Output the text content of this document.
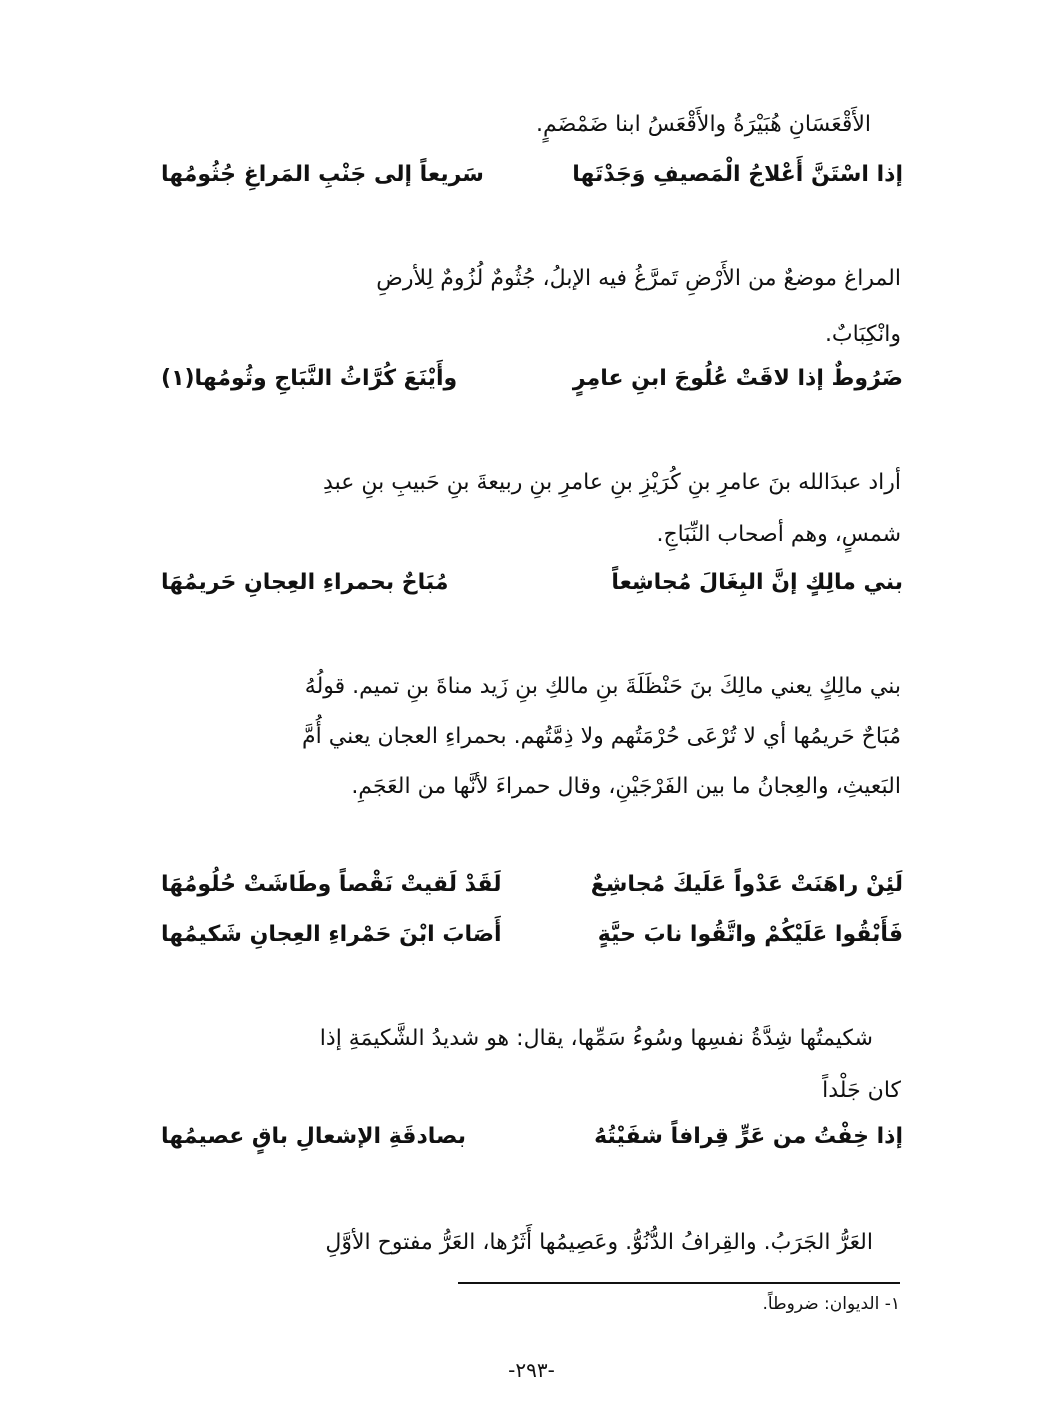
الأَقْعَسَانِ هُبَيْرَةُ والأَقْعَسُ ابنا ضَمْضَمٍ.
إذا اسْتَنَّ أَعْلاجُ الْمَصيفِ وَجَدْتَها
سَريعاً إلى جَنْبِ المَراغِ جُثُومُها
المراغ موضعٌ من الأَرْضِ تَمرَّغُ فيه الإبلُ، جُثُومٌ لُزُومٌ لِلأرضِ
وانْكِبَابٌ.
ضَرُوطٌ إذا لاقَتْ عُلُوجَ ابنِ عامِرٍ
وأَيْنَعَ كُرَّاثُ النَّبَاجِ وثُومُها(١)
أراد عبدَالله بنَ عامرِ بنِ كُرَيْزِ بنِ عامرِ بنِ ربيعةَ بنِ حَبيبِ بنِ عبدِ
شمسٍ، وهم أصحاب النِّبَاجِ.
بني مالِكٍ إنَّ البِغَالَ مُجاشِعاً
مُبَاحٌ بحمراءِ العِجانِ حَريمُهَا
بني مالِكٍ يعني مالِكَ بنَ حَنْظَلَةَ بنِ مالكِ بنِ زَيد مناةَ بنِ تميم. قولُهُ
مُبَاحٌ حَريمُها أي لا تُرْعَى حُرْمَتُهم ولا ذِمَّتُهم. بحمراءِ العجان يعني أُمَّ
البَعيثِ، والعِجانُ ما بين الفَرْجَيْنِ، وقال حمراءَ لأنَّها من العَجَمِ.
لَئِنْ راهَنَتْ عَدْواً عَلَيكَ مُجاشِعٌ
لَقَدْ لَقيتْ نَقْصاً وطَاشَتْ حُلُومُهَا
فَأَبْقُوا عَلَيْكُمْ واتَّقُوا نابَ حيَّةٍ
أَصَابَ ابْنَ حَمْراءِ العِجانِ شَكيمُها
شكيمتُها شِدَّةُ نفسِها وسُوءُ سَمِّها، يقال: هو شديدُ الشَّكيمَةِ إذا
كان جَلْداً
إذا خِفْتُ من عَرٍّ قِرافاً شفَيْتُهُ
بصادقَةِ الإشعالِ باقٍ عصيمُها
العَرُّ الجَرَبُ. والقِرافُ الدُّنُوُّ. وعَصِيمُها أَثَرُها، العَرُّ مفتوح الأوَّلِ
١- الديوان: ضروطاً.
-٢٩٣-
